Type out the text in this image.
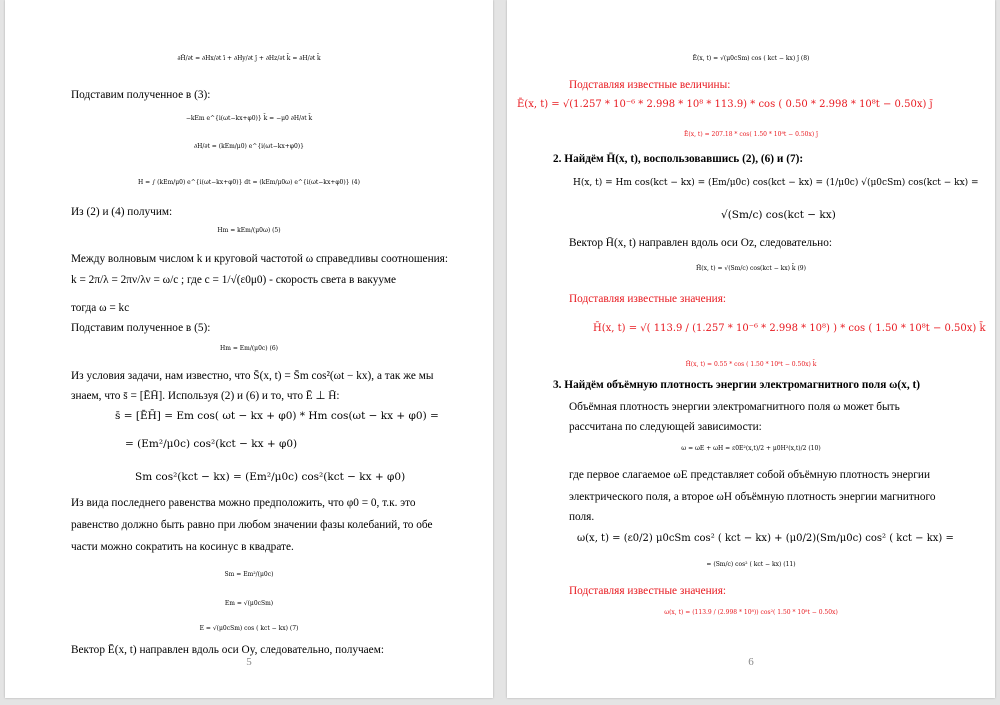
∂H̄/∂t = ∂Hx/∂t ī + ∂Hy/∂t j̄ + ∂Hz/∂t k̄ = ∂H/∂t k̄
Подставим полученное в (3):
−kEm e^{i(ωt−kx+φ0)} k̄ = −μ0 ∂H/∂t k̄
∂H/∂t = (kEm/μ0) e^{i(ωt−kx+φ0)}
H = ∫ (kEm/μ0) e^{i(ωt−kx+φ0)} dt = (kEm/μ0ω) e^{i(ωt−kx+φ0)} (4)
Из (2) и (4) получим:
Hm = kEm/(μ0ω) (5)
Между волновым числом k и круговой частотой ω справедливы соотношения:
k = 2π/λ = 2πν/λν = ω/c ; где c = 1/√(ε0μ0) - скорость света в вакууме
тогда ω = kc
Подставим полученное в (5):
Hm = Em/(μ0c) (6)
Из условия задачи, нам известно, что S̄(x, t) = S̄m cos²(ωt − kx), а так же мы
знаем, что s̄ = [ĒH̄]. Используя (2) и (6) и то, что Ē ⊥ H̄:
s̄ = [ĒH̄] = Em cos( ωt − kx + φ0) * Hm cos(ωt − kx + φ0) =
= (Em²/μ0c) cos²(kct − kx + φ0)
Sm cos²(kct − kx) = (Em²/μ0c) cos²(kct − kx + φ0)
Из вида последнего равенства можно предположить, что φ0 = 0, т.к. это
равенство должно быть равно при любом значении фазы колебаний, то обе
части можно сократить на косинус в квадрате.
Sm = Em²/(μ0c)
Em = √(μ0cSm)
E = √(μ0cSm) cos ( kct − kx) (7)
Вектор Ē(x, t) направлен вдоль оси Oy, следовательно, получаем:
5
Ē(x, t) = √(μ0cSm) cos ( kct − kx) j̄ (8)
Подставляя известные величины:
Ē(x, t) = √(1.257 * 10⁻⁶ * 2.998 * 10⁸ * 113.9) * cos ( 0.50 * 2.998 * 10⁸t − 0.50x) j̄
Ē(x, t) = 207.18 * cos( 1.50 * 10⁸t − 0.50x) j̄
2. Найдём H̄(x, t), воспользовавшись (2), (6) и (7):
H(x, t) = Hm cos(kct − kx) = (Em/μ0c) cos(kct − kx) = (1/μ0c) √(μ0cSm) cos(kct − kx) =
√(Sm/c) cos(kct − kx)
Вектор H̄(x, t) направлен вдоль оси Oz, следовательно:
H̄(x, t) = √(Sm/c) cos(kct − kx) k̄ (9)
Подставляя известные значения:
H̄(x, t) = √( 113.9 / (1.257 * 10⁻⁶ * 2.998 * 10⁸) ) * cos ( 1.50 * 10⁸t − 0.50x) k̄
H̄(x, t) = 0.55 * cos ( 1.50 * 10⁸t − 0.50x) k̄
3. Найдём объёмную плотность энергии электромагнитного поля ω(x, t)
Объёмная плотность энергии электромагнитного поля ω может быть
рассчитана по следующей зависимости:
ω = ωE + ωH = ε0E²(x,t)/2 + μ0H²(x,t)/2 (10)
где первое слагаемое ωE представляет собой объёмную плотность энергии
электрического поля, а второе ωH объёмную плотность энергии магнитного
поля.
ω(x, t) = (ε0/2) μ0cSm cos² ( kct − kx) + (μ0/2)(Sm/μ0c) cos² ( kct − kx) =
= (Sm/c) cos² ( kct − kx) (11)
Подставляя известные значения:
ω(x, t) = (113.9 / (2.998 * 10⁸)) cos²( 1.50 * 10⁸t − 0.50x)
6
